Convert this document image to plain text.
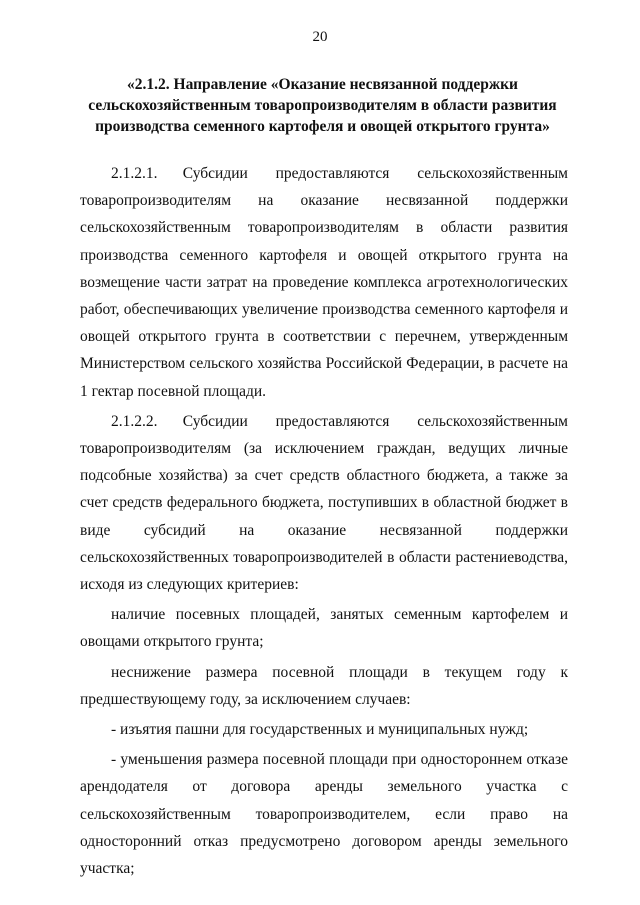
20
«2.1.2. Направление «Оказание несвязанной поддержки
сельскохозяйственным товаропроизводителям в области развития
производства семенного картофеля и овощей открытого грунта»

2.1.2.1. Субсидии предоставляются сельскохозяйственным товаропроизводителям на оказание несвязанной поддержки сельскохозяйственным товаропроизводителям в области развития производства семенного картофеля и овощей открытого грунта на возмещение части затрат на проведение комплекса агротехнологических работ, обеспечивающих увеличение производства семенного картофеля и овощей открытого грунта в соответствии с перечнем, утвержденным Министерством сельского хозяйства Российской Федерации, в расчете на 1 гектар посевной площади.

2.1.2.2. Субсидии предоставляются сельскохозяйственным товаропроизводителям (за исключением граждан, ведущих личные подсобные хозяйства) за счет средств областного бюджета, а также за счет средств федерального бюджета, поступивших в областной бюджет в виде субсидий на оказание несвязанной поддержки сельскохозяйственных товаропроизводителей в области растениеводства, исходя из следующих критериев:

наличие посевных площадей, занятых семенным картофелем и овощами открытого грунта;

неснижение размера посевной площади в текущем году к предшествующему году, за исключением случаев:

- изъятия пашни для государственных и муниципальных нужд;

- уменьшения размера посевной площади при одностороннем отказе арендодателя от договора аренды земельного участка с сельскохозяйственным товаропроизводителем, если право на односторонний отказ предусмотрено договором аренды земельного участка;
